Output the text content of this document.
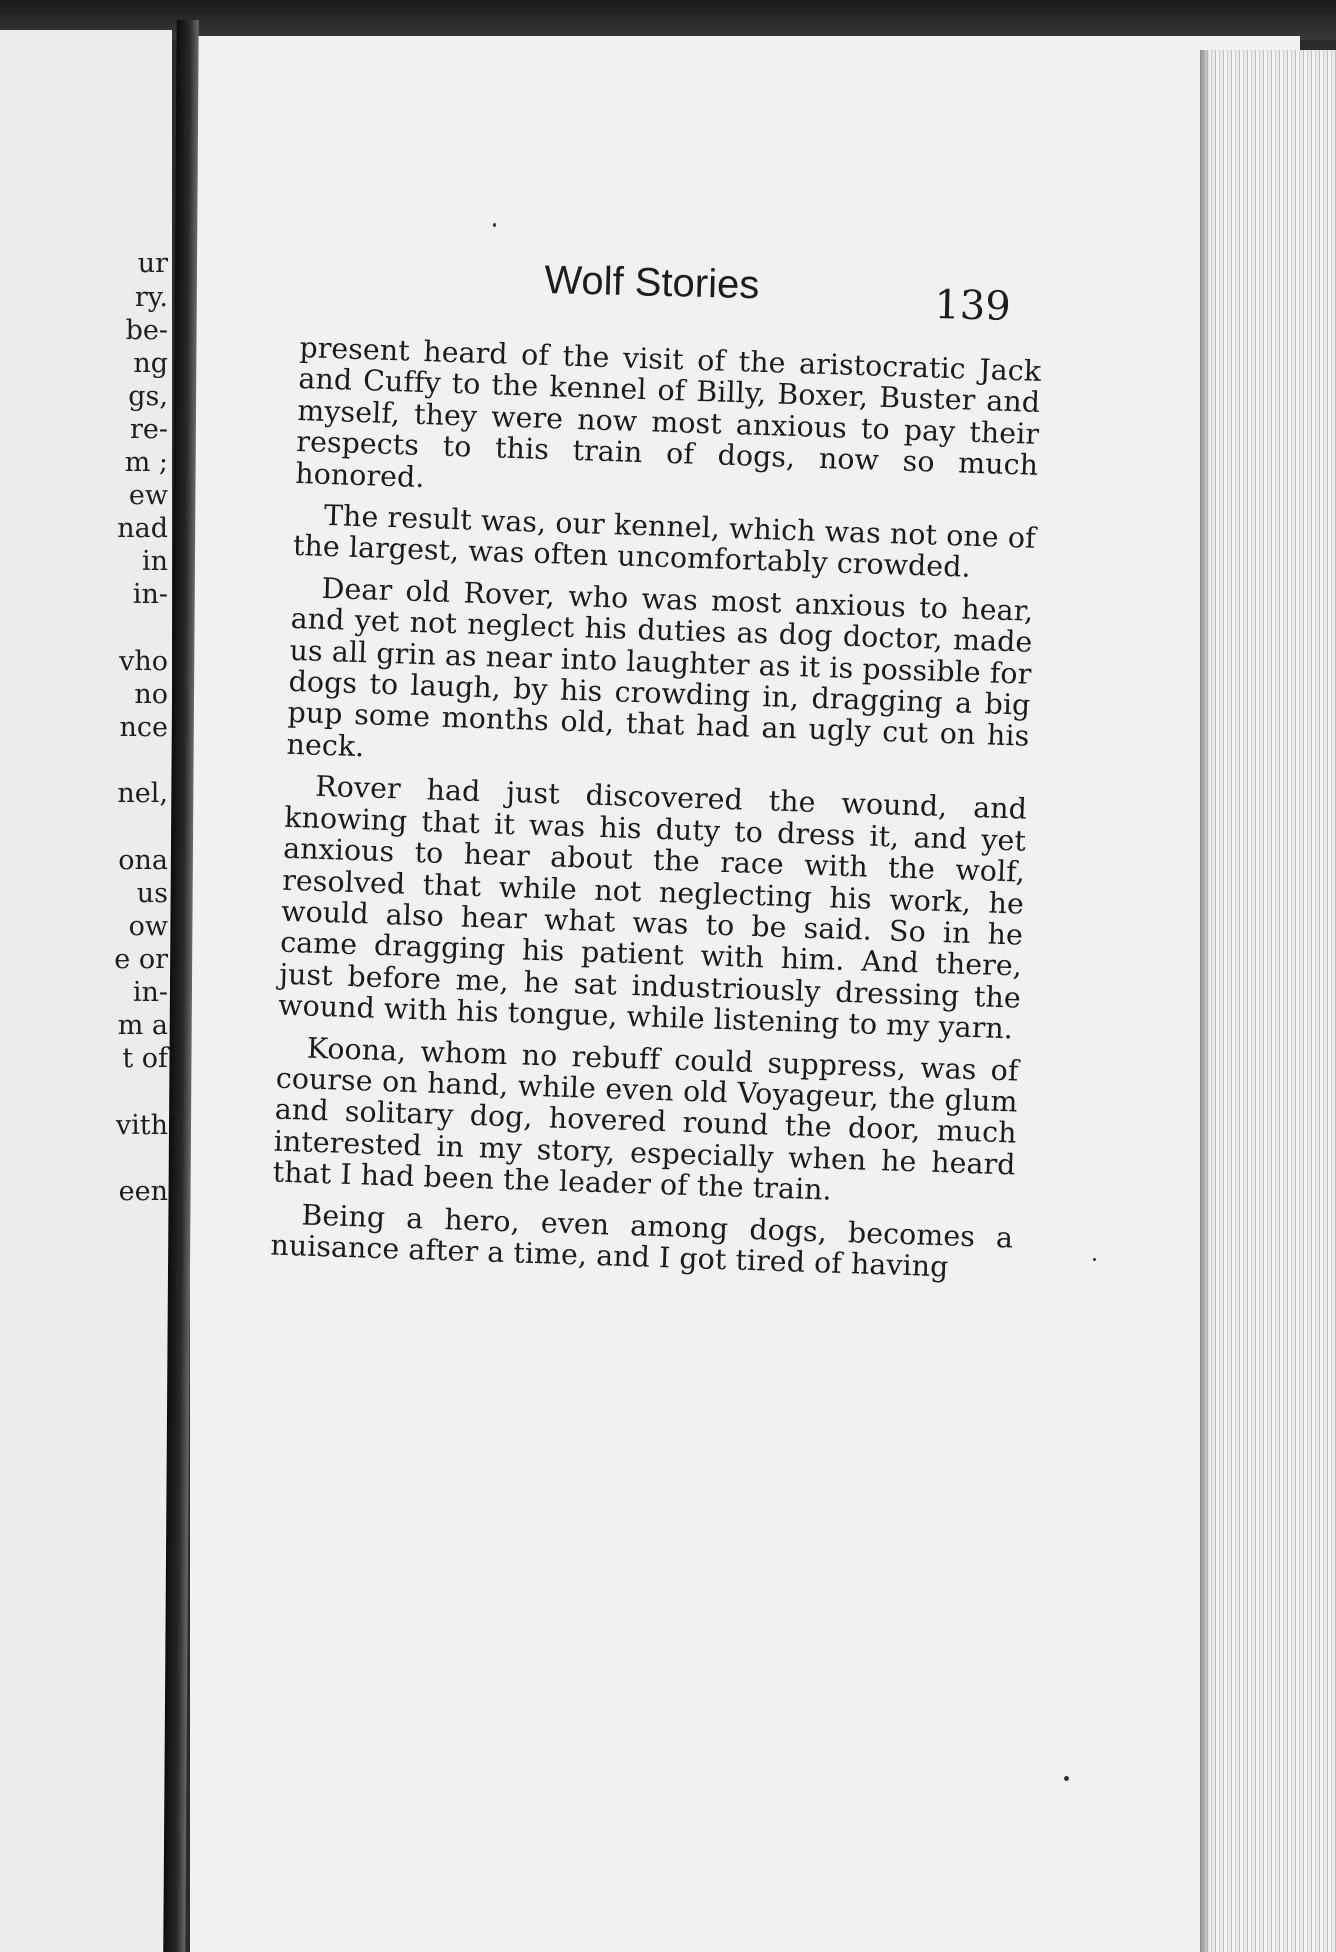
ur
ry.
be-
ng
gs,
re-
m ;
ew
nad
in
in-
vho
no
nce
nel,
ona
us
ow
e or
in-
m a
t of
vith
een
Wolf Stories	139

present heard of the visit of the aristocratic Jack and Cuffy to the kennel of Billy, Boxer, Buster and myself, they were now most anxious to pay their respects to this train of dogs, now so much honored.

The result was, our kennel, which was not one of the largest, was often uncomfortably crowded.

Dear old Rover, who was most anxious to hear, and yet not neglect his duties as dog doctor, made us all grin as near into laughter as it is possible for dogs to laugh, by his crowding in, dragging a big pup some months old, that had an ugly cut on his neck.

Rover had just discovered the wound, and knowing that it was his duty to dress it, and yet anxious to hear about the race with the wolf, resolved that while not neglecting his work, he would also hear what was to be said. So in he came dragging his patient with him. And there, just before me, he sat industriously dressing the wound with his tongue, while listening to my yarn.

Koona, whom no rebuff could suppress, was of course on hand, while even old Voyageur, the glum and solitary dog, hovered round the door, much interested in my story, especially when he heard that I had been the leader of the train.

Being a hero, even among dogs, becomes a nuisance after a time, and I got tired of having
